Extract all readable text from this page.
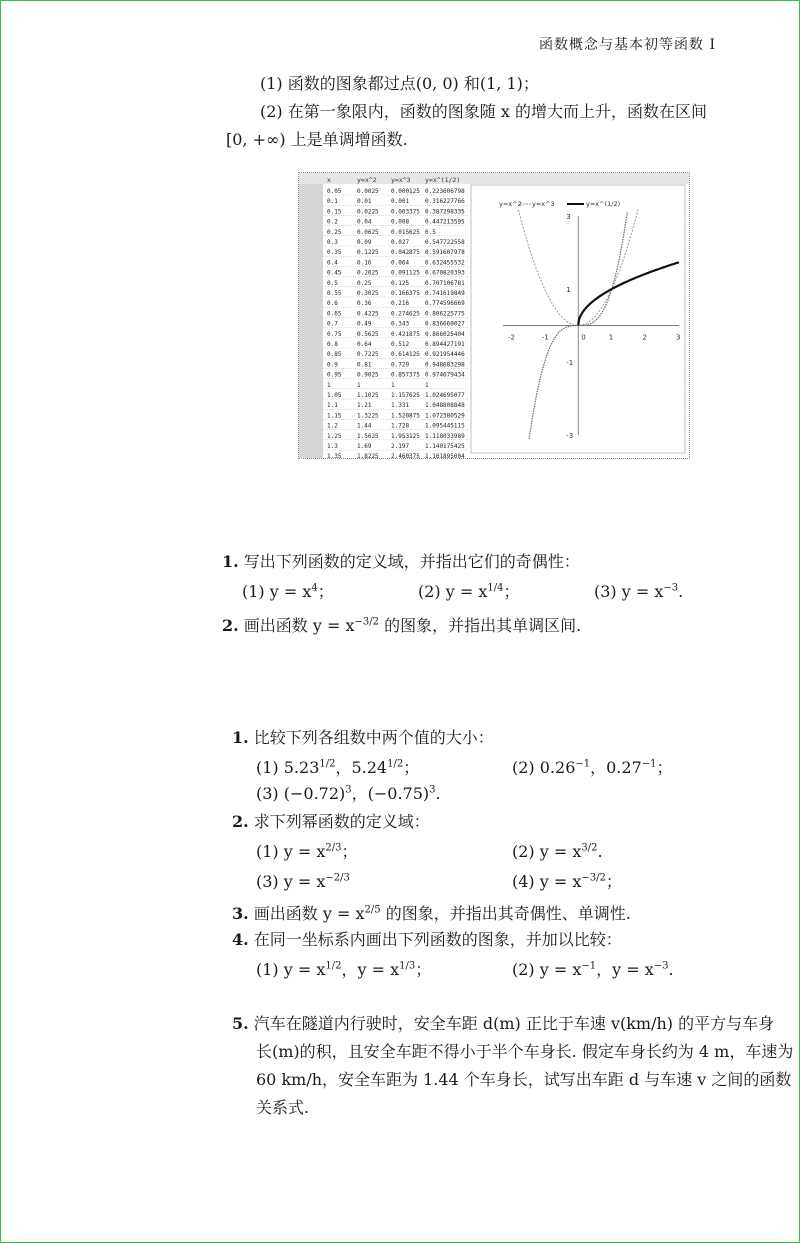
函数概念与基本初等函数 I
(1) 函数的图象都过点(0, 0) 和(1, 1)；
(2) 在第一象限内，函数的图象随 x 的增大而上升，函数在区间
[0, +∞) 上是单调增函数.
x	y=x^2 y=x^3 y=x^(1/2)
0.05	0.0025 0.000125 0.223606798
0.1	0.01	0.001	0.316227766
0.15	0.0225 0.003375 0.387298335
0.2	0.04	0.008	0.447213595
0.25	0.0625 0.015625 0.5
0.3	0.09	0.027	0.547722558
0.35	0.1225 0.042875 0.591607978
0.4	0.16	0.064	0.632455532
0.45	0.2025 0.091125 0.670820393
0.5	0.25	0.125	0.707106781
0.55	0.3025 0.166375 0.741619849
0.6	0.36	0.216	0.774596669
0.65	0.4225 0.274625 0.806225775
0.7	0.49	0.343	0.836660027
0.75	0.5625 0.421875 0.866025404
0.8	0.64	0.512	0.894427191
0.85	0.7225 0.614125 0.921954446
0.9	0.81	0.729	0.948683298
0.95	0.9025 0.857375 0.974679434
1	1	1	1
1.05	1.1025 1.157625 1.024695077
1.1	1.21	1.331	1.048808848
1.15	1.3225 1.520875 1.072380529
1.2	1.44	1.728	1.095445115
1.25	1.5625 1.953125 1.118033989
1.3	1.69	2.197	1.140175425
1.35	1.8225 2.460375 1.161895004
y=x^2 y=x^3	y=x^(1/2)
-2	-1	1	2	3
3
1
-1
-3
0
1. 写出下列函数的定义域，并指出它们的奇偶性：
(1) $y = x^4$；	(2) $y = x^{1/4}$；	(3) $y = x^{-3}$.
2. 画出函数 $y = x^{-3/2}$ 的图象，并指出其单调区间.
1. 比较下列各组数中两个值的大小：
(1) $5.23^{1/2}$，$5.24^{1/2}$；	(2) $0.26^{-1}$，$0.27^{-1}$；
(3) $(-0.72)^3$，$(-0.75)^3$.
2. 求下列幂函数的定义域：
(1) $y = x^{2/3}$；	(2) $y = x^{3/2}$.
(3) $y = x^{-2/3}$	(4) $y = x^{-3/2}$；
3. 画出函数 $y = x^{2/5}$ 的图象，并指出其奇偶性、单调性.
4. 在同一坐标系内画出下列函数的图象，并加以比较：
(1) $y = x^{1/2}$，$y = x^{1/3}$；	(2) $y = x^{-1}$，$y = x^{-3}$.
5. 汽车在隧道内行驶时，安全车距 d(m) 正比于车速 v(km/h) 的平方与车身
长(m)的积，且安全车距不得小于半个车身长. 假定车身长约为 4 m，车速为
60 km/h，安全车距为 1.44 个车身长，试写出车距 d 与车速 v 之间的函数
关系式.
